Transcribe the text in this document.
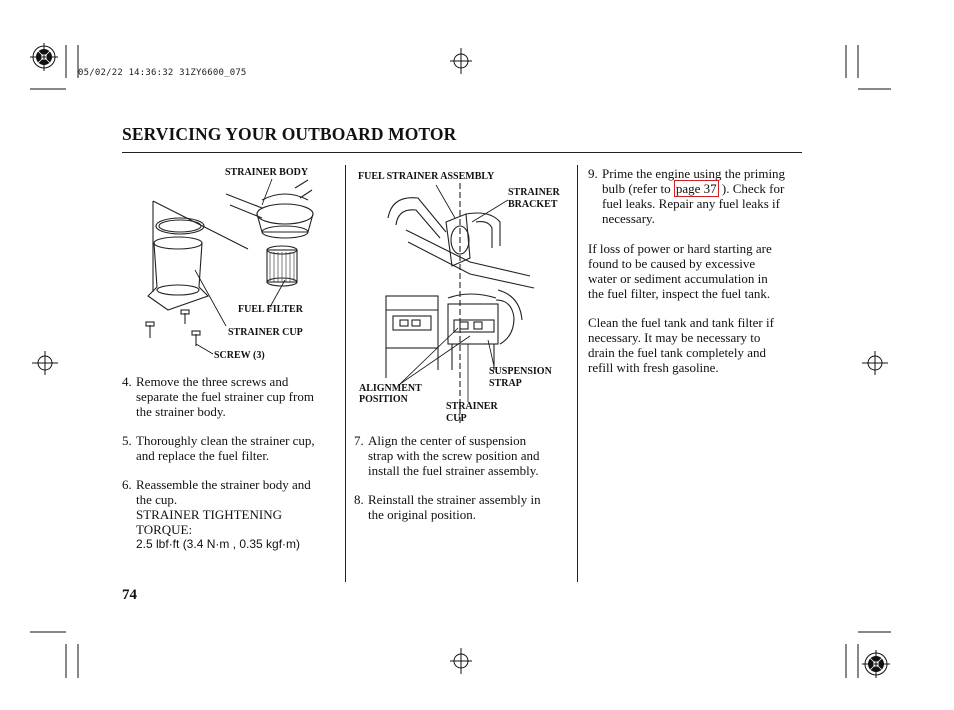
05/02/22 14:36:32 31ZY6600_075
SERVICING YOUR OUTBOARD MOTOR
STRAINER BODY
FUEL FILTER
STRAINER CUP
SCREW (3)
FUEL STRAINER ASSEMBLY
STRAINER
BRACKET
SUSPENSION
STRAP
ALIGNMENT
POSITION
STRAINER
CUP
4. Remove the three screws and
separate the fuel strainer cup from
the strainer body.
5. Thoroughly clean the strainer cup,
and replace the fuel filter.
6. Reassemble the strainer body and
the cup.
STRAINER TIGHTENING
TORQUE:
2.5 lbf·ft (3.4 N·m , 0.35 kgf·m)
7. Align the center of suspension
strap with the screw position and
install the fuel strainer assembly.
8. Reinstall the strainer assembly in
the original position.
9. Prime the engine using the priming
bulb (refer to page 37 ). Check for
fuel leaks. Repair any fuel leaks if
necessary.
If loss of power or hard starting are
found to be caused by excessive
water or sediment accumulation in
the fuel filter, inspect the fuel tank.
Clean the fuel tank and tank filter if
necessary. It may be necessary to
drain the fuel tank completely and
refill with fresh gasoline.
74
